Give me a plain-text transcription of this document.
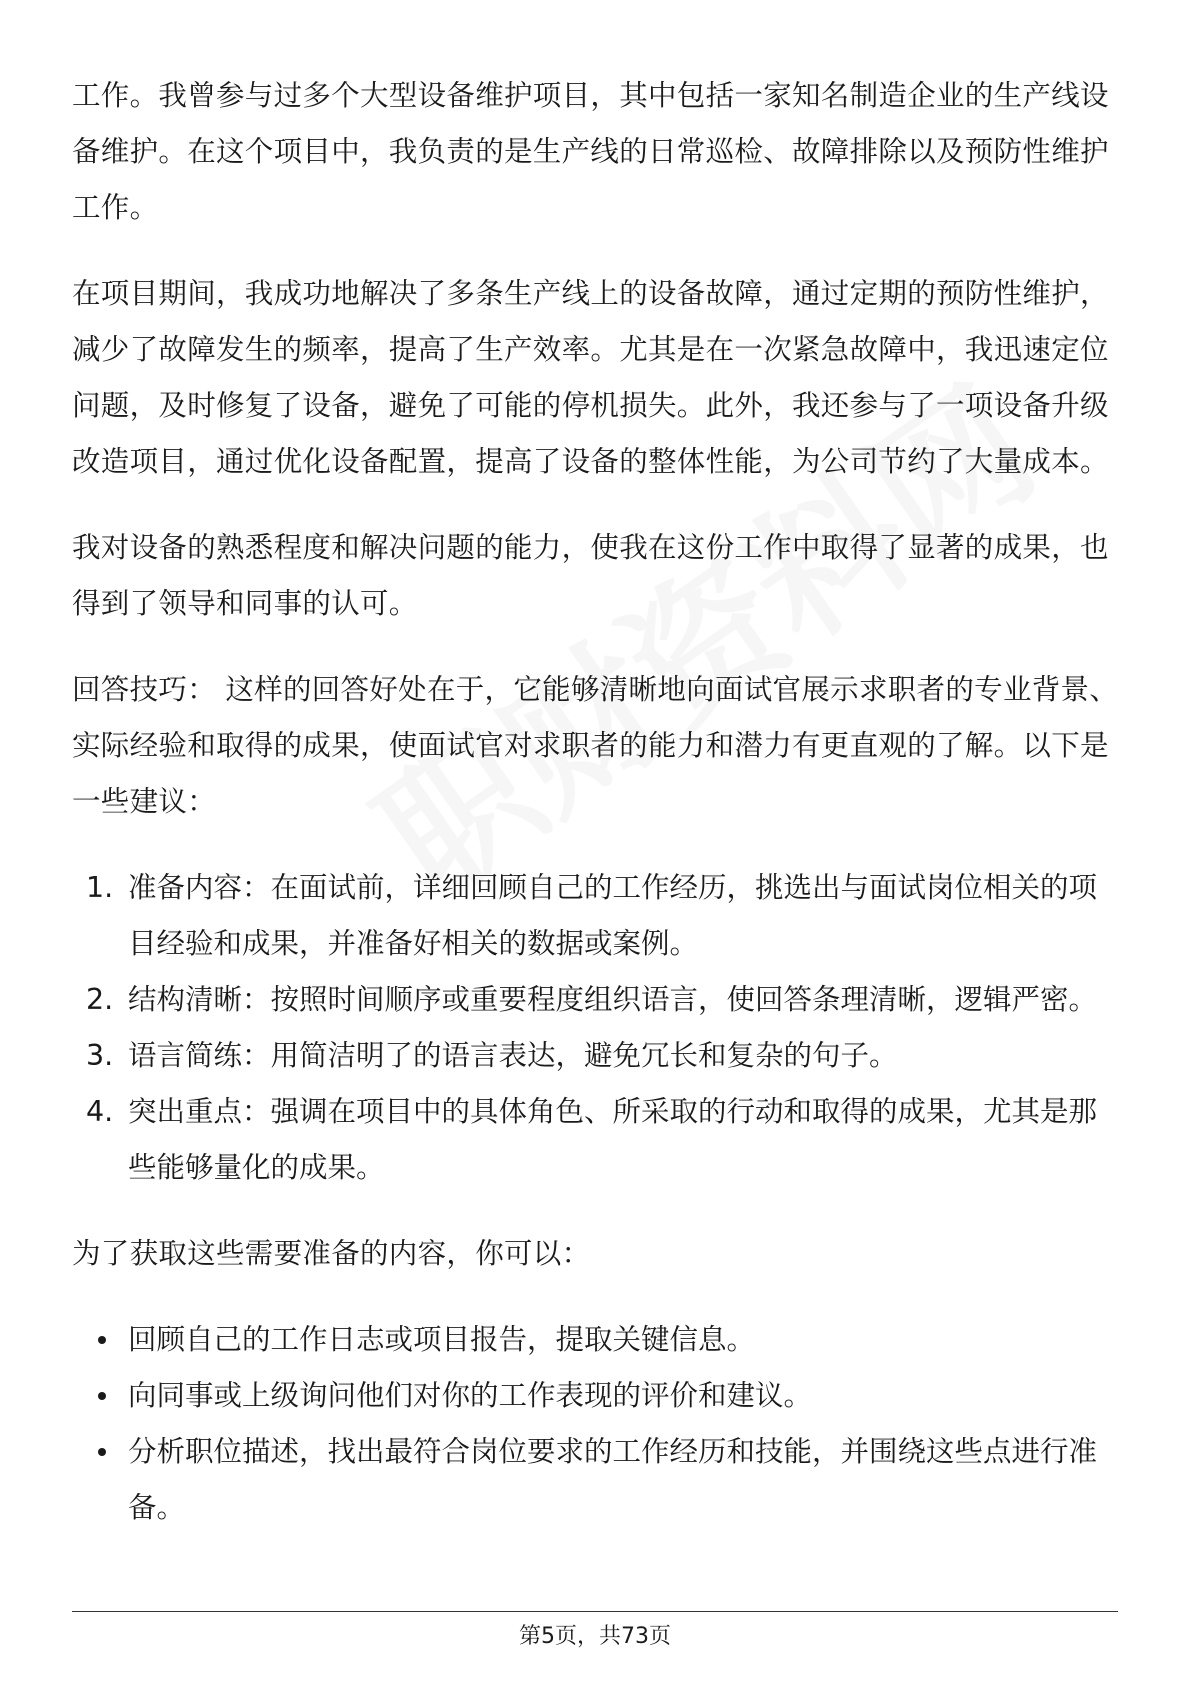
工作。我曾参与过多个大型设备维护项目，其中包括一家知名制造企业的生产线设备维护。在这个项目中，我负责的是生产线的日常巡检、故障排除以及预防性维护工作。

在项目期间，我成功地解决了多条生产线上的设备故障，通过定期的预防性维护，减少了故障发生的频率，提高了生产效率。尤其是在一次紧急故障中，我迅速定位问题，及时修复了设备，避免了可能的停机损失。此外，我还参与了一项设备升级改造项目，通过优化设备配置，提高了设备的整体性能，为公司节约了大量成本。

我对设备的熟悉程度和解决问题的能力，使我在这份工作中取得了显著的成果，也得到了领导和同事的认可。

回答技巧： 这样的回答好处在于，它能够清晰地向面试官展示求职者的专业背景、实际经验和取得的成果，使面试官对求职者的能力和潜力有更直观的了解。以下是一些建议：

1. 准备内容：在面试前，详细回顾自己的工作经历，挑选出与面试岗位相关的项目经验和成果，并准备好相关的数据或案例。
2. 结构清晰：按照时间顺序或重要程度组织语言，使回答条理清晰，逻辑严密。
3. 语言简练：用简洁明了的语言表达，避免冗长和复杂的句子。
4. 突出重点：强调在项目中的具体角色、所采取的行动和取得的成果，尤其是那些能够量化的成果。

为了获取这些需要准备的内容，你可以：

回顾自己的工作日志或项目报告，提取关键信息。
向同事或上级询问他们对你的工作表现的评价和建议。
分析职位描述，找出最符合岗位要求的工作经历和技能，并围绕这些点进行准备。
第5页，共73页
